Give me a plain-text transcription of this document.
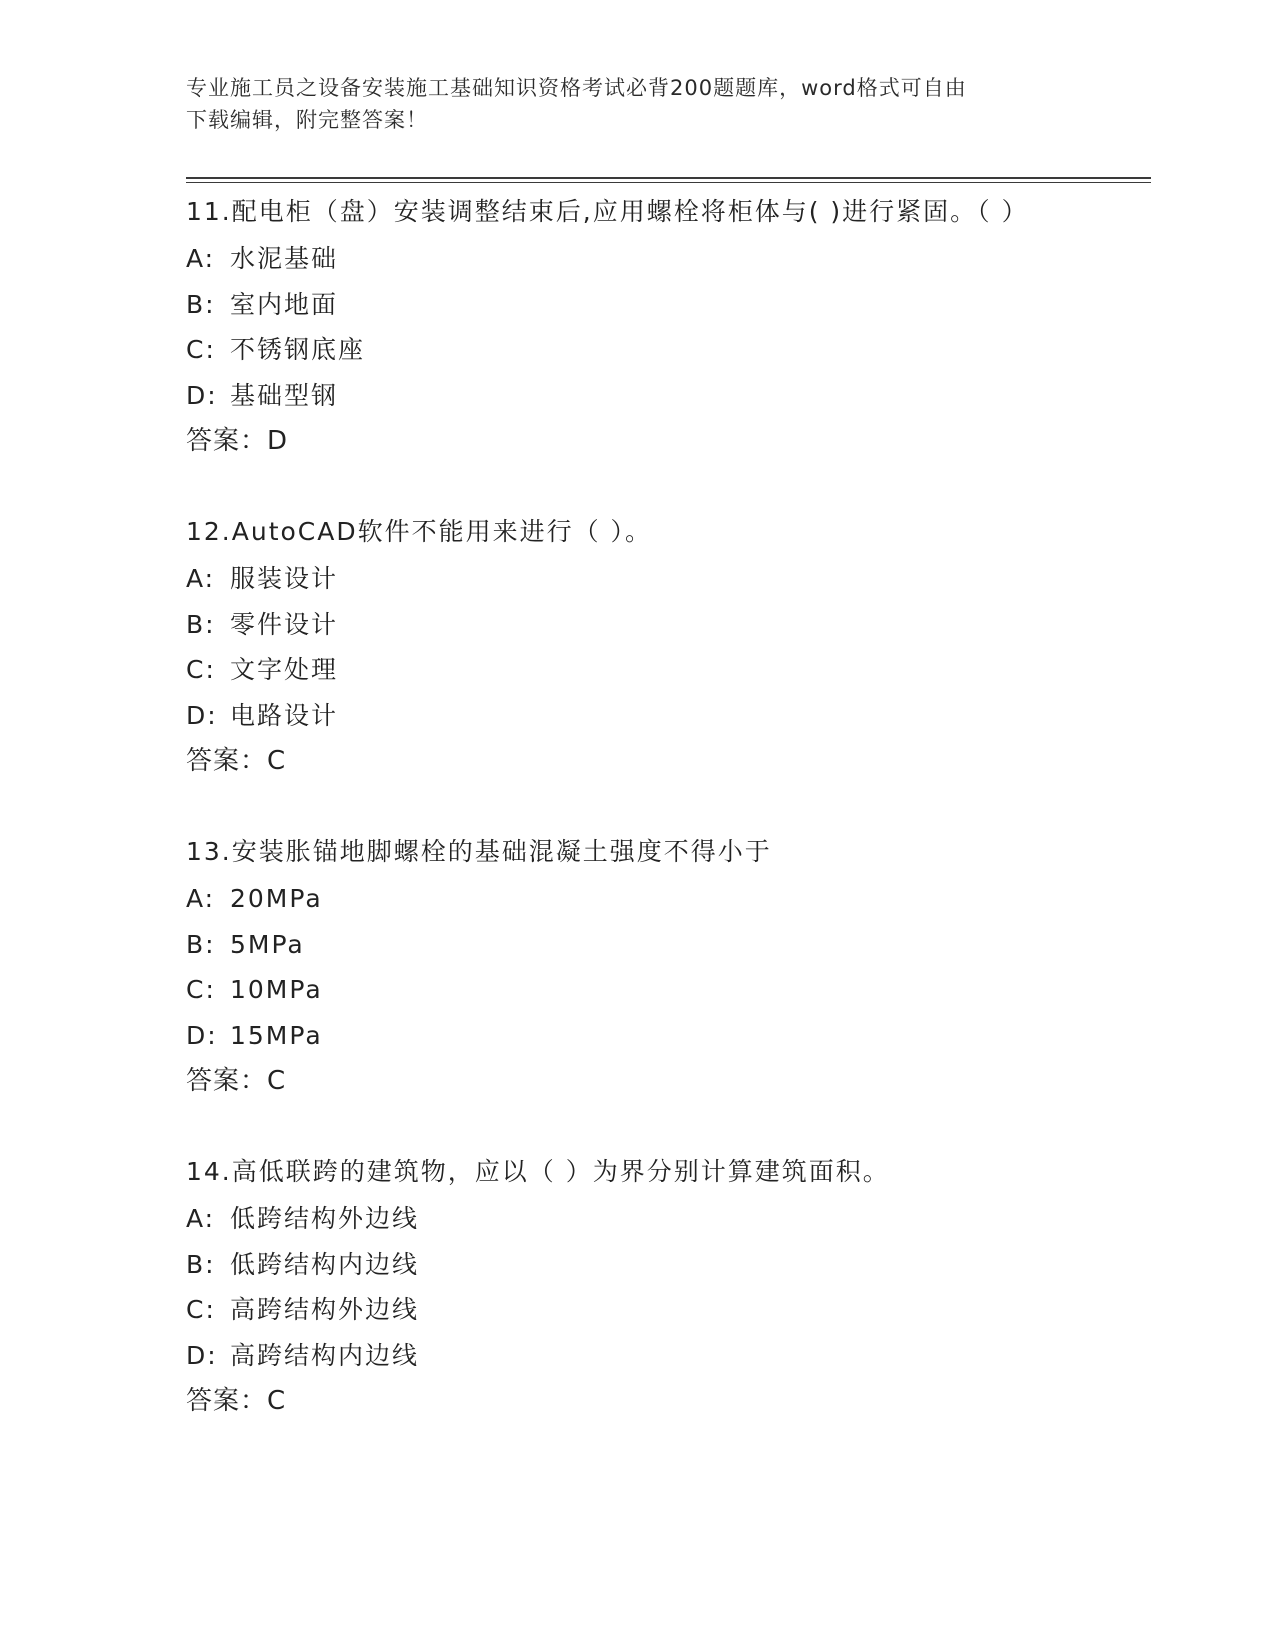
专业施工员之设备安装施工基础知识资格考试必背200题题库，word格式可自由
下载编辑，附完整答案！
11.配电柜（盘）安装调整结束后,应用螺栓将柜体与( )进行紧固。（ ）
A: 水泥基础
B: 室内地面
C: 不锈钢底座
D: 基础型钢
答案：D
12.AutoCAD软件不能用来进行（ ）。
A: 服装设计
B: 零件设计
C: 文字处理
D: 电路设计
答案：C
13.安装胀锚地脚螺栓的基础混凝土强度不得小于
A: 20MPa
B: 5MPa
C: 10MPa
D: 15MPa
答案：C
14.高低联跨的建筑物，应以（ ）为界分别计算建筑面积。
A: 低跨结构外边线
B: 低跨结构内边线
C: 高跨结构外边线
D: 高跨结构内边线
答案：C
